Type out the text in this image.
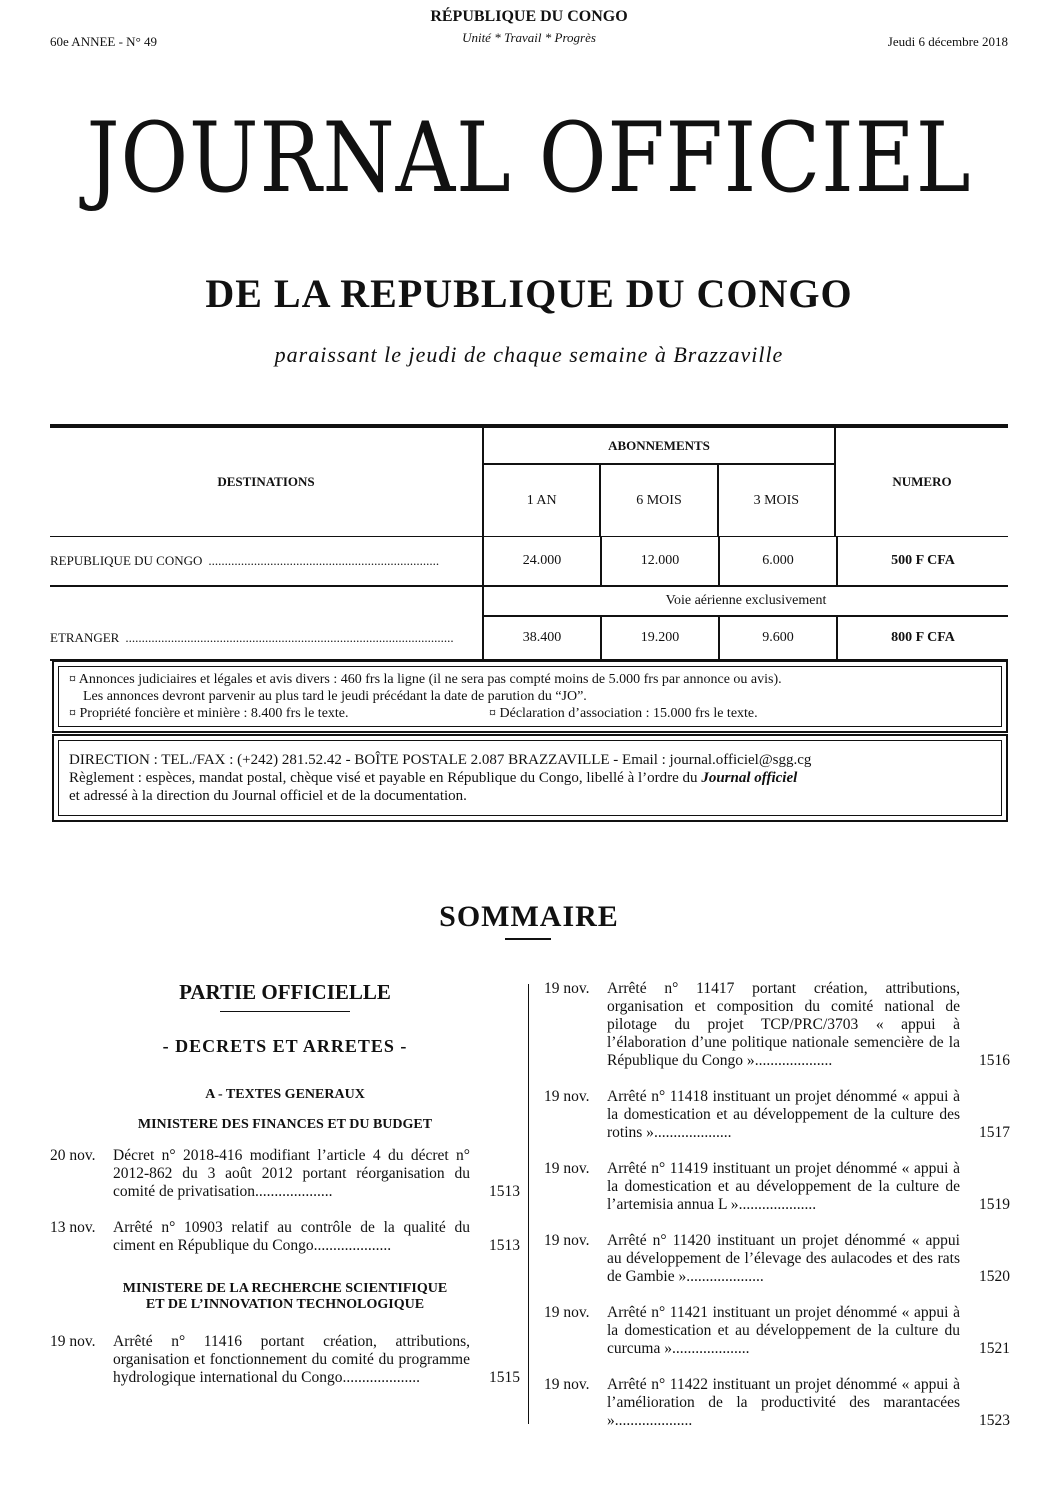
60e ANNEE - N° 49
RÉPUBLIQUE DU CONGO
Unité * Travail * Progrès	Jeudi 6 décembre 2018
JOURNAL OFFICIEL
DE LA REPUBLIQUE DU CONGO
paraissant le jeudi de chaque semaine à Brazzaville
DESTINATIONS
ABONNEMENTS
1 AN	6 MOIS	3 MOIS
NUMERO
REPUBLIQUE DU CONGO .......................................................................	24.000	12.000	6.000	500 F CFA
Voie aérienne exclusivement
ETRANGER .....................................................................................................	38.400	19.200	9.600	800 F CFA
¤ Annonces judiciaires et légales et avis divers : 460 frs la ligne (il ne sera pas compté moins de 5.000 frs par annonce ou avis).
Les annonces devront parvenir au plus tard le jeudi précédant la date de parution du “JO”.
¤ Propriété foncière et minière : 8.400 frs le texte.	¤ Déclaration d’association : 15.000 frs le texte.
DIRECTION : TEL./FAX : (+242) 281.52.42 - BOÎTE POSTALE 2.087 BRAZZAVILLE - Email : journal.officiel@sgg.cg
Règlement : espèces, mandat postal, chèque visé et payable en République du Congo, libellé à l’ordre du Journal officiel
et adressé à la direction du Journal officiel et de la documentation.
SOMMAIRE
PARTIE OFFICIELLE
- DECRETS ET ARRETES -
A - TEXTES GENERAUX
MINISTERE DES FINANCES ET DU BUDGET
20 nov.	Décret n° 2018-416 modifiant l’article 4 du décret n° 2012-862 du 3 août 2012 portant réorganisation du comité de privatisation....................	1513
13 nov.	Arrêté n° 10903 relatif au contrôle de la qualité du ciment en République du Congo....................	1513
MINISTERE DE LA RECHERCHE SCIENTIFIQUE
ET DE L’INNOVATION TECHNOLOGIQUE
19 nov.	Arrêté n° 11416 portant création, attributions, organisation et fonctionnement du comité du programme hydrologique international du Congo....................	1515
19 nov.	Arrêté n° 11417 portant création, attributions, organisation et composition du comité national de pilotage du projet TCP/PRC/3703 « appui à l’élaboration d’une politique nationale semencière de la République du Congo »....................	1516
19 nov.	Arrêté n° 11418 instituant un projet dénommé « appui à la domestication et au développement de la culture des rotins »....................	1517
19 nov.	Arrêté n° 11419 instituant un projet dénommé « appui à la domestication et au développement de la culture de l’artemisia annua L »....................	1519
19 nov.	Arrêté n° 11420 instituant un projet dénommé « appui au développement de l’élevage des aulacodes et des rats de Gambie »....................	1520
19 nov.	Arrêté n° 11421 instituant un projet dénommé « appui à la domestication et au développement de la culture du curcuma »....................	1521
19 nov.	Arrêté n° 11422 instituant un projet dénommé « appui à l’amélioration de la productivité des marantacées »....................	1523
